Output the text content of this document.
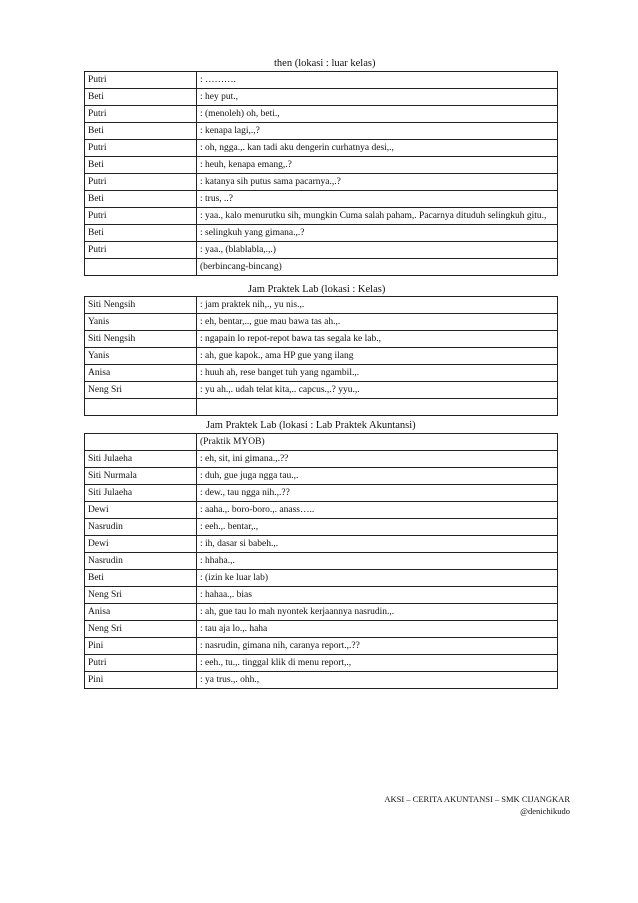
then (lokasi : luar kelas)
Putri	: ……….
Beti	: hey put.,
Putri	: (menoleh) oh, beti.,
Beti	: kenapa lagi,.,?
Putri	: oh, ngga.,. kan tadi aku dengerin curhatnya desi,.,
Beti	: heuh, kenapa emang,.?
Putri	: katanya sih putus sama pacarnya.,.?
Beti	: trus, ..?
Putri	: yaa., kalo menurutku sih, mungkin Cuma salah paham,. Pacarnya dituduh selingkuh gitu.,
Beti	: selingkuh yang gimana.,.?
Putri	: yaa., (blablabla,.,.)
	(berbincang-bincang)
Jam Praktek Lab (lokasi : Kelas)
Siti Nengsih	: jam praktek nih,., yu nis.,.
Yanis	: eh, bentar,.., gue mau bawa tas ah.,.
Siti Nengsih	: ngapain lo repot-repot bawa tas segala ke lab.,
Yanis	: ah, gue kapok., ama HP gue yang ilang
Anisa	: huuh ah, rese banget tuh yang ngambil.,.
Neng Sri	: yu ah.,. udah telat kita,.. capcus.,.? yyu.,.

Jam Praktek Lab (lokasi : Lab Praktek Akuntansi)
	(Praktik MYOB)
Siti Julaeha	: eh, sit, ini gimana.,.??
Siti Nurmala	: duh, gue juga ngga tau.,.
Siti Julaeha	: dew., tau ngga nih.,.??
Dewi	: aaha.,. boro-boro.,. anass…..
Nasrudin	: eeh.,. bentar,.,
Dewi	: ih, dasar si babeh.,.
Nasrudin	: hhaha.,.
Beti	: (izin ke luar lab)
Neng Sri	: hahaa.,. bias
Anisa	: ah, gue tau lo mah nyontek kerjaannya nasrudin.,.
Neng Sri	: tau aja lo.,. haha
Pini	: nasrudin, gimana nih, caranya report.,.??
Putri	: eeh., tu.,. tinggal klik di menu report,.,
Pini	: ya trus.,. ohh.,
AKSI – CERITA AKUNTANSI – SMK CIJANGKAR
@denichikudo
